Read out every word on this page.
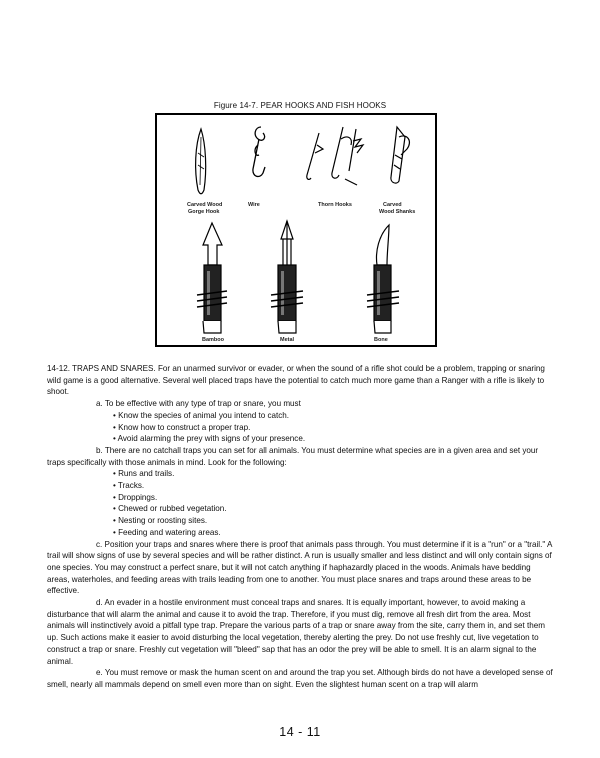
Figure 14-7. PEAR HOOKS AND FISH HOOKS
Carved Wood
Gorge Hook
Wire	Thorn Hooks	Carved
Wood Shanks
Bamboo	Metal	Bone

14-12. TRAPS AND SNARES. For an unarmed survivor or evader, or when the sound of a rifle shot could be a problem, trapping or snaring wild game is a good alternative. Several well placed traps have the potential to catch much more game than a Ranger with a rifle is likely to shoot.

a. To be effective with any type of trap or snare, you must

• Know the species of animal you intend to catch.

• Know how to construct a proper trap.

• Avoid alarming the prey with signs of your presence.

b. There are no catchall traps you can set for all animals. You must determine what species are in a given area and set your traps specifically with those animals in mind. Look for the following:

• Runs and trails.

• Tracks.

• Droppings.

• Chewed or rubbed vegetation.

• Nesting or roosting sites.

• Feeding and watering areas.

c. Position your traps and snares where there is proof that animals pass through. You must determine if it is a "run" or a "trail." A trail will show signs of use by several species and will be rather distinct. A run is usually smaller and less distinct and will only contain signs of one species. You may construct a perfect snare, but it will not catch anything if haphazardly placed in the woods. Animals have bedding areas, waterholes, and feeding areas with trails leading from one to another. You must place snares and traps around these areas to be effective.

d. An evader in a hostile environment must conceal traps and snares. It is equally important, however, to avoid making a disturbance that will alarm the animal and cause it to avoid the trap. Therefore, if you must dig, remove all fresh dirt from the area. Most animals will instinctively avoid a pitfall type trap. Prepare the various parts of a trap or snare away from the site, carry them in, and set them up. Such actions make it easier to avoid disturbing the local vegetation, thereby alerting the prey. Do not use freshly cut, live vegetation to construct a trap or snare. Freshly cut vegetation will "bleed" sap that has an odor the prey will be able to smell. It is an alarm signal to the animal.

e. You must remove or mask the human scent on and around the trap you set. Although birds do not have a developed sense of smell, nearly all mammals depend on smell even more than on sight. Even the slightest human scent on a trap will alarm

14 - 11
